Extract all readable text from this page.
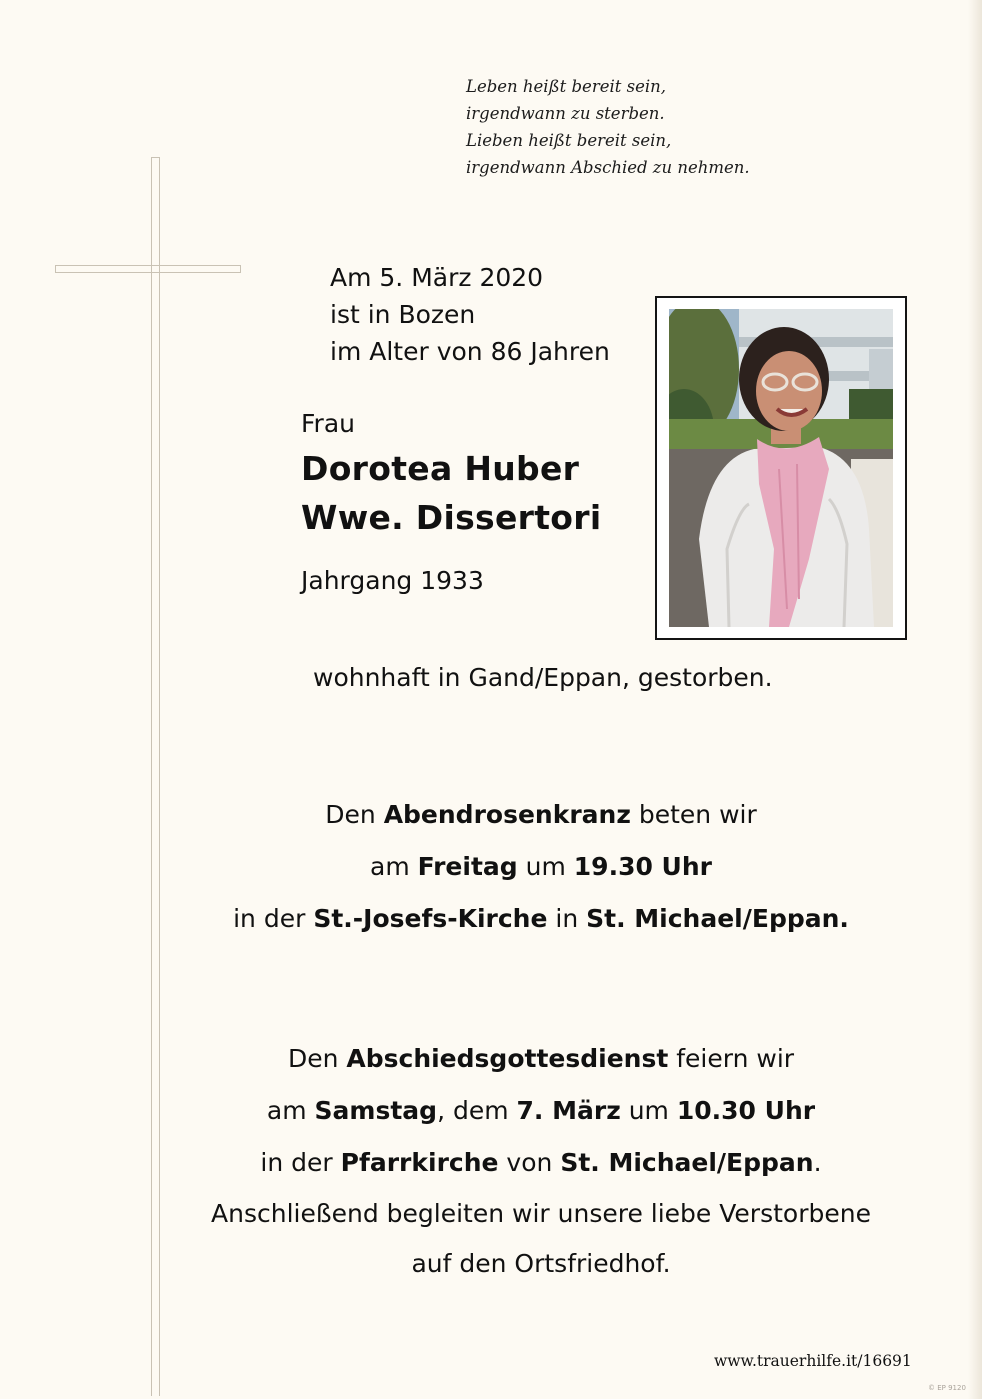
Leben heißt bereit sein,
irgendwann zu sterben.
Lieben heißt bereit sein,
irgendwann Abschied zu nehmen.
Am 5. März 2020
ist in Bozen
im Alter von 86 Jahren
Frau
Dorotea Huber
Wwe. Dissertori
Jahrgang 1933
wohnhaft in Gand/Eppan, gestorben.
Den Abendrosenkranz beten wir
am Freitag um 19.30 Uhr
in der St.-Josefs-Kirche in St. Michael/Eppan.
Den Abschiedsgottesdienst feiern wir
am Samstag, dem 7. März um 10.30 Uhr
in der Pfarrkirche von St. Michael/Eppan.
Anschließend begleiten wir unsere liebe Verstorbene
auf den Ortsfriedhof.
www.trauerhilfe.it/16691
© EP 9120
